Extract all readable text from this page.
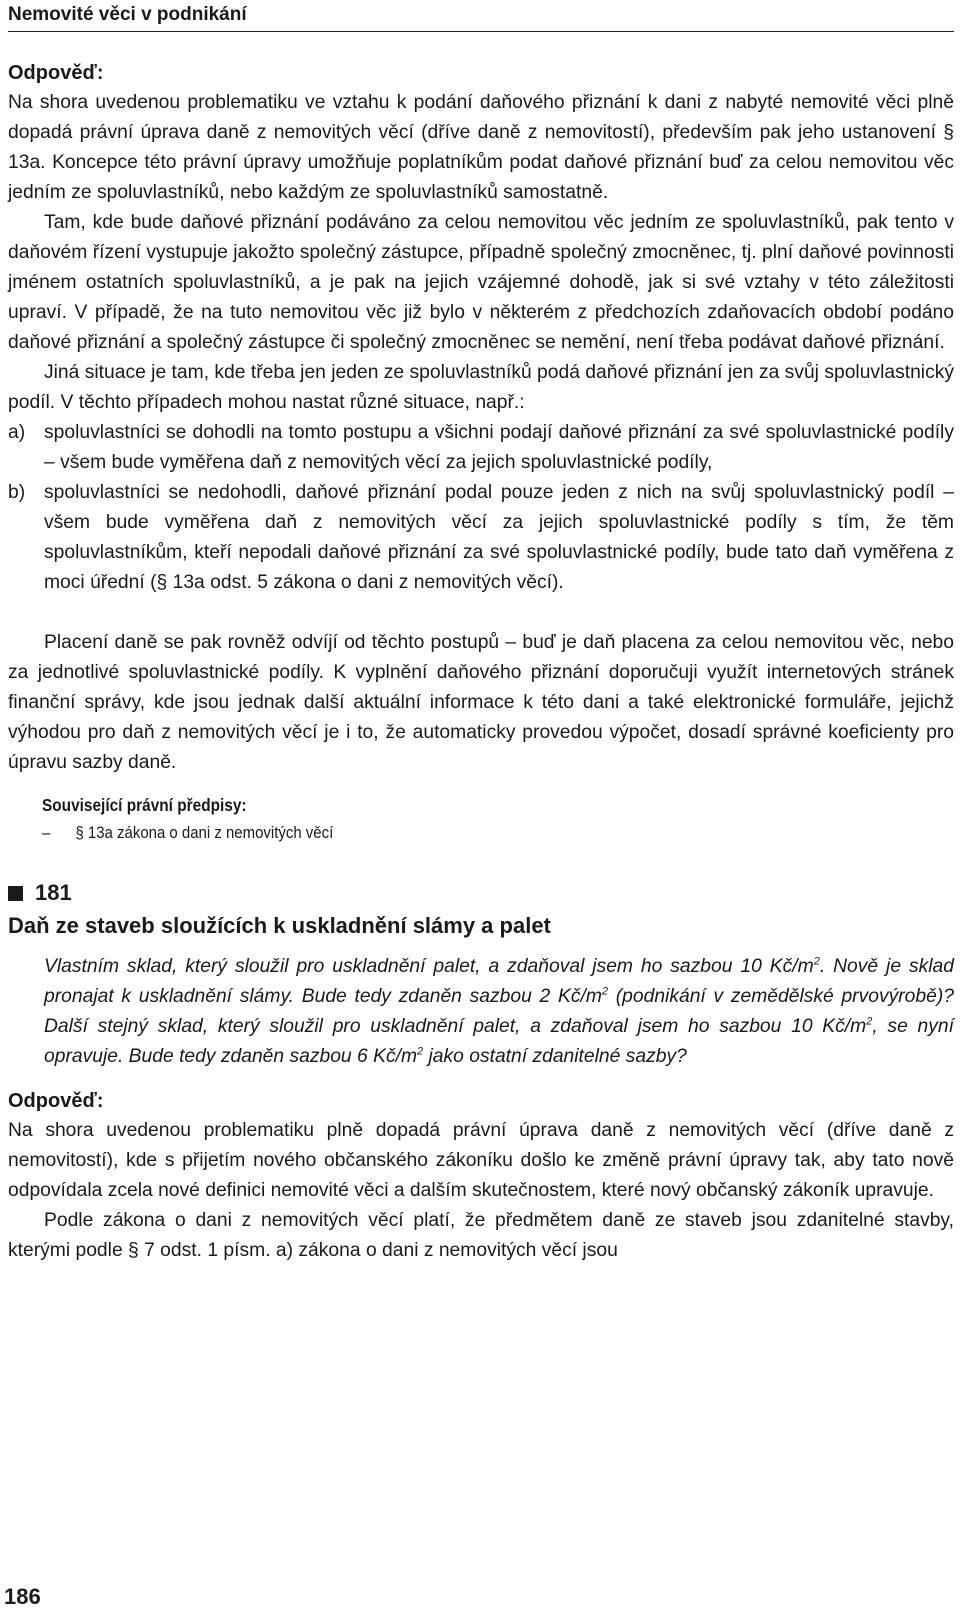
Nemovité věci v podnikání
Odpověď:

Na shora uvedenou problematiku ve vztahu k podání daňového přiznání k dani z nabyté nemovité věci plně dopadá právní úprava daně z nemovitých věcí (dříve daně z nemovitostí), především pak jeho ustanovení § 13a. Koncepce této právní úpravy umožňuje poplatníkům podat daňové přiznání buď za celou nemovitou věc jedním ze spoluvlastníků, nebo každým ze spoluvlastníků samostatně.

Tam, kde bude daňové přiznání podáváno za celou nemovitou věc jedním ze spoluvlastníků, pak tento v daňovém řízení vystupuje jakožto společný zástupce, případně společný zmocněnec, tj. plní daňové povinnosti jménem ostatních spoluvlastníků, a je pak na jejich vzájemné dohodě, jak si své vztahy v této záležitosti upraví. V případě, že na tuto nemovitou věc již bylo v některém z předchozích zdaňovacích období podáno daňové přiznání a společný zástupce či společný zmocněnec se nemění, není třeba podávat daňové přiznání.

Jiná situace je tam, kde třeba jen jeden ze spoluvlastníků podá daňové přiznání jen za svůj spoluvlastnický podíl. V těchto případech mohou nastat různé situace, např.:

a) spoluvlastníci se dohodli na tomto postupu a všichni podají daňové přiznání za své spoluvlastnické podíly – všem bude vyměřena daň z nemovitých věcí za jejich spoluvlastnické podíly,
b) spoluvlastníci se nedohodli, daňové přiznání podal pouze jeden z nich na svůj spoluvlastnický podíl – všem bude vyměřena daň z nemovitých věcí za jejich spoluvlastnické podíly s tím, že těm spoluvlastníkům, kteří nepodali daňové přiznání za své spoluvlastnické podíly, bude tato daň vyměřena z moci úřední (§ 13a odst. 5 zákona o dani z nemovitých věcí).

Placení daně se pak rovněž odvíjí od těchto postupů – buď je daň placena za celou nemovitou věc, nebo za jednotlivé spoluvlastnické podíly. K vyplnění daňového přiznání doporučuji využít internetových stránek finanční správy, kde jsou jednak další aktuální informace k této dani a také elektronické formuláře, jejichž výhodou pro daň z nemovitých věcí je i to, že automaticky provedou výpočet, dosadí správné koeficienty pro úpravu sazby daně.

Související právní předpisy:
– § 13a zákona o dani z nemovitých věcí
181
Daň ze staveb sloužících k uskladnění slámy a palet

Vlastním sklad, který sloužil pro uskladnění palet, a zdaňoval jsem ho sazbou 10 $Kč/m^2$. Nově je sklad pronajat k uskladnění slámy. Bude tedy zdaněn sazbou 2 $Kč/m^2$ (podnikání v zemědělské prvovýrobě)? Další stejný sklad, který sloužil pro uskladnění palet, a zdaňoval jsem ho sazbou 10 $Kč/m^2$, se nyní opravuje. Bude tedy zdaněn sazbou 6 $Kč/m^2$ jako ostatní zdanitelné sazby?

Odpověď:

Na shora uvedenou problematiku plně dopadá právní úprava daně z nemovitých věcí (dříve daně z nemovitostí), kde s přijetím nového občanského zákoníku došlo ke změně právní úpravy tak, aby tato nově odpovídala zcela nové definici nemovité věci a dalším skutečnostem, které nový občanský zákoník upravuje.

Podle zákona o dani z nemovitých věcí platí, že předmětem daně ze staveb jsou zdanitelné stavby, kterými podle § 7 odst. 1 písm. a) zákona o dani z nemovitých věcí jsou

186
